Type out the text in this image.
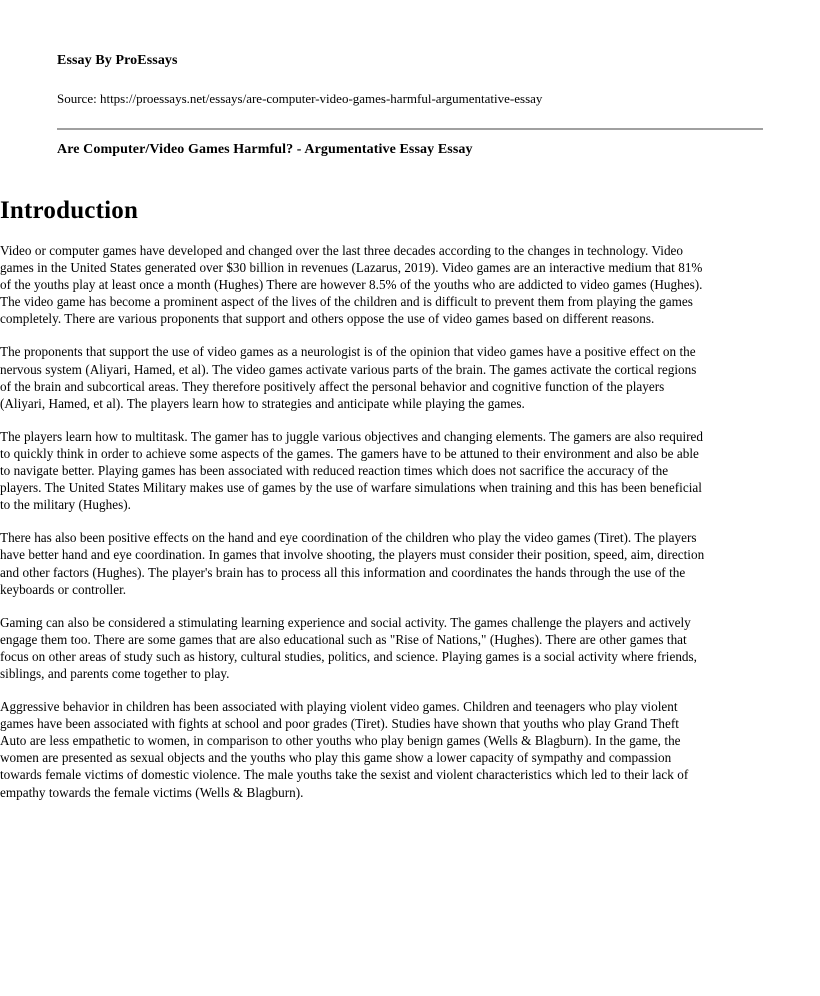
Essay By ProEssays
Source: https://proessays.net/essays/are-computer-video-games-harmful-argumentative-essay
Are Computer/Video Games Harmful? - Argumentative Essay Essay
Introduction

Video or computer games have developed and changed over the last three decades according to the changes in technology. Video games in the United States generated over $30 billion in revenues (Lazarus, 2019). Video games are an interactive medium that 81% of the youths play at least once a month (Hughes) There are however 8.5% of the youths who are addicted to video games (Hughes). The video game has become a prominent aspect of the lives of the children and is difficult to prevent them from playing the games completely. There are various proponents that support and others oppose the use of video games based on different reasons.

The proponents that support the use of video games as a neurologist is of the opinion that video games have a positive effect on the nervous system (Aliyari, Hamed, et al). The video games activate various parts of the brain. The games activate the cortical regions of the brain and subcortical areas. They therefore positively affect the personal behavior and cognitive function of the players (Aliyari, Hamed, et al). The players learn how to strategies and anticipate while playing the games.

The players learn how to multitask. The gamer has to juggle various objectives and changing elements. The gamers are also required to quickly think in order to achieve some aspects of the games. The gamers have to be attuned to their environment and also be able to navigate better. Playing games has been associated with reduced reaction times which does not sacrifice the accuracy of the players. The United States Military makes use of games by the use of warfare simulations when training and this has been beneficial to the military (Hughes).

There has also been positive effects on the hand and eye coordination of the children who play the video games (Tiret). The players have better hand and eye coordination. In games that involve shooting, the players must consider their position, speed, aim, direction and other factors (Hughes). The player's brain has to process all this information and coordinates the hands through the use of the keyboards or controller.

Gaming can also be considered a stimulating learning experience and social activity. The games challenge the players and actively engage them too. There are some games that are also educational such as "Rise of Nations," (Hughes). There are other games that focus on other areas of study such as history, cultural studies, politics, and science. Playing games is a social activity where friends, siblings, and parents come together to play.

Aggressive behavior in children has been associated with playing violent video games. Children and teenagers who play violent games have been associated with fights at school and poor grades (Tiret). Studies have shown that youths who play Grand Theft Auto are less empathetic to women, in comparison to other youths who play benign games (Wells & Blagburn). In the game, the women are presented as sexual objects and the youths who play this game show a lower capacity of sympathy and compassion towards female victims of domestic violence. The male youths take the sexist and violent characteristics which led to their lack of empathy towards the female victims (Wells & Blagburn).
